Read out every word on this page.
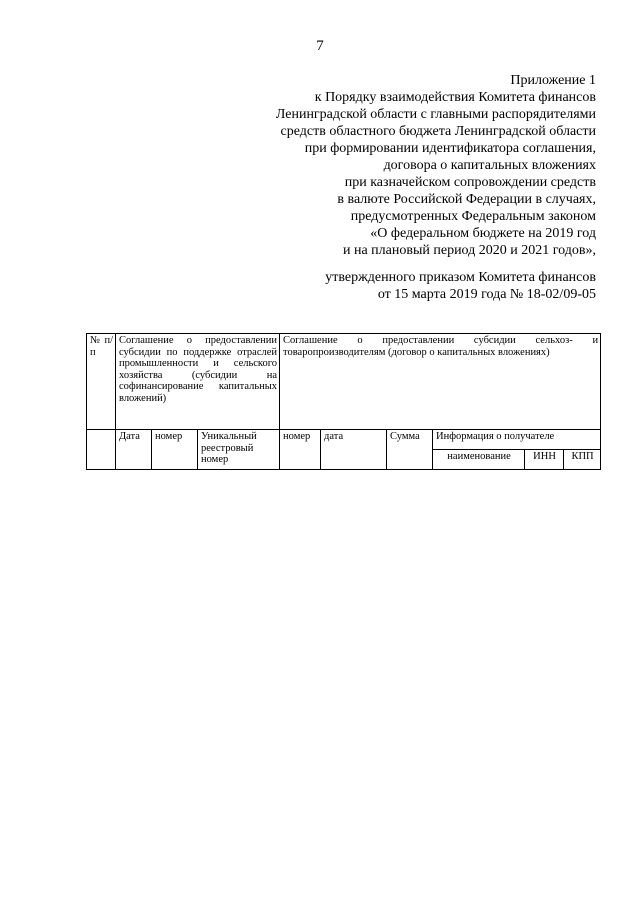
7
Приложение 1
к Порядку взаимодействия Комитета финансов
Ленинградской области с главными распорядителями
средств областного бюджета Ленинградской области
при формировании идентификатора соглашения,
договора о капитальных вложениях
при казначейском сопровождении средств
в валюте Российской Федерации в случаях,
предусмотренных Федеральным законом
«О федеральном бюджете на 2019 год
и на плановый период 2020 и 2021 годов»,
утвержденного приказом Комитета финансов
от 15 марта 2019 года № 18-02/09-05
№ п/п	Соглашение о предоставлении субсидии по поддержке отраслей промышленности и сельского хозяйства (субсидии на софинансирование капитальных вложений)			Соглашение о предоставлении субсидии сельхоз- и товаропроизводителям (договор о капитальных вложениях)					
	Дата	номер	Уникальный реестровый номер	номер	дата	Сумма	Информация о получателе		
							наименование	ИНН	КПП
